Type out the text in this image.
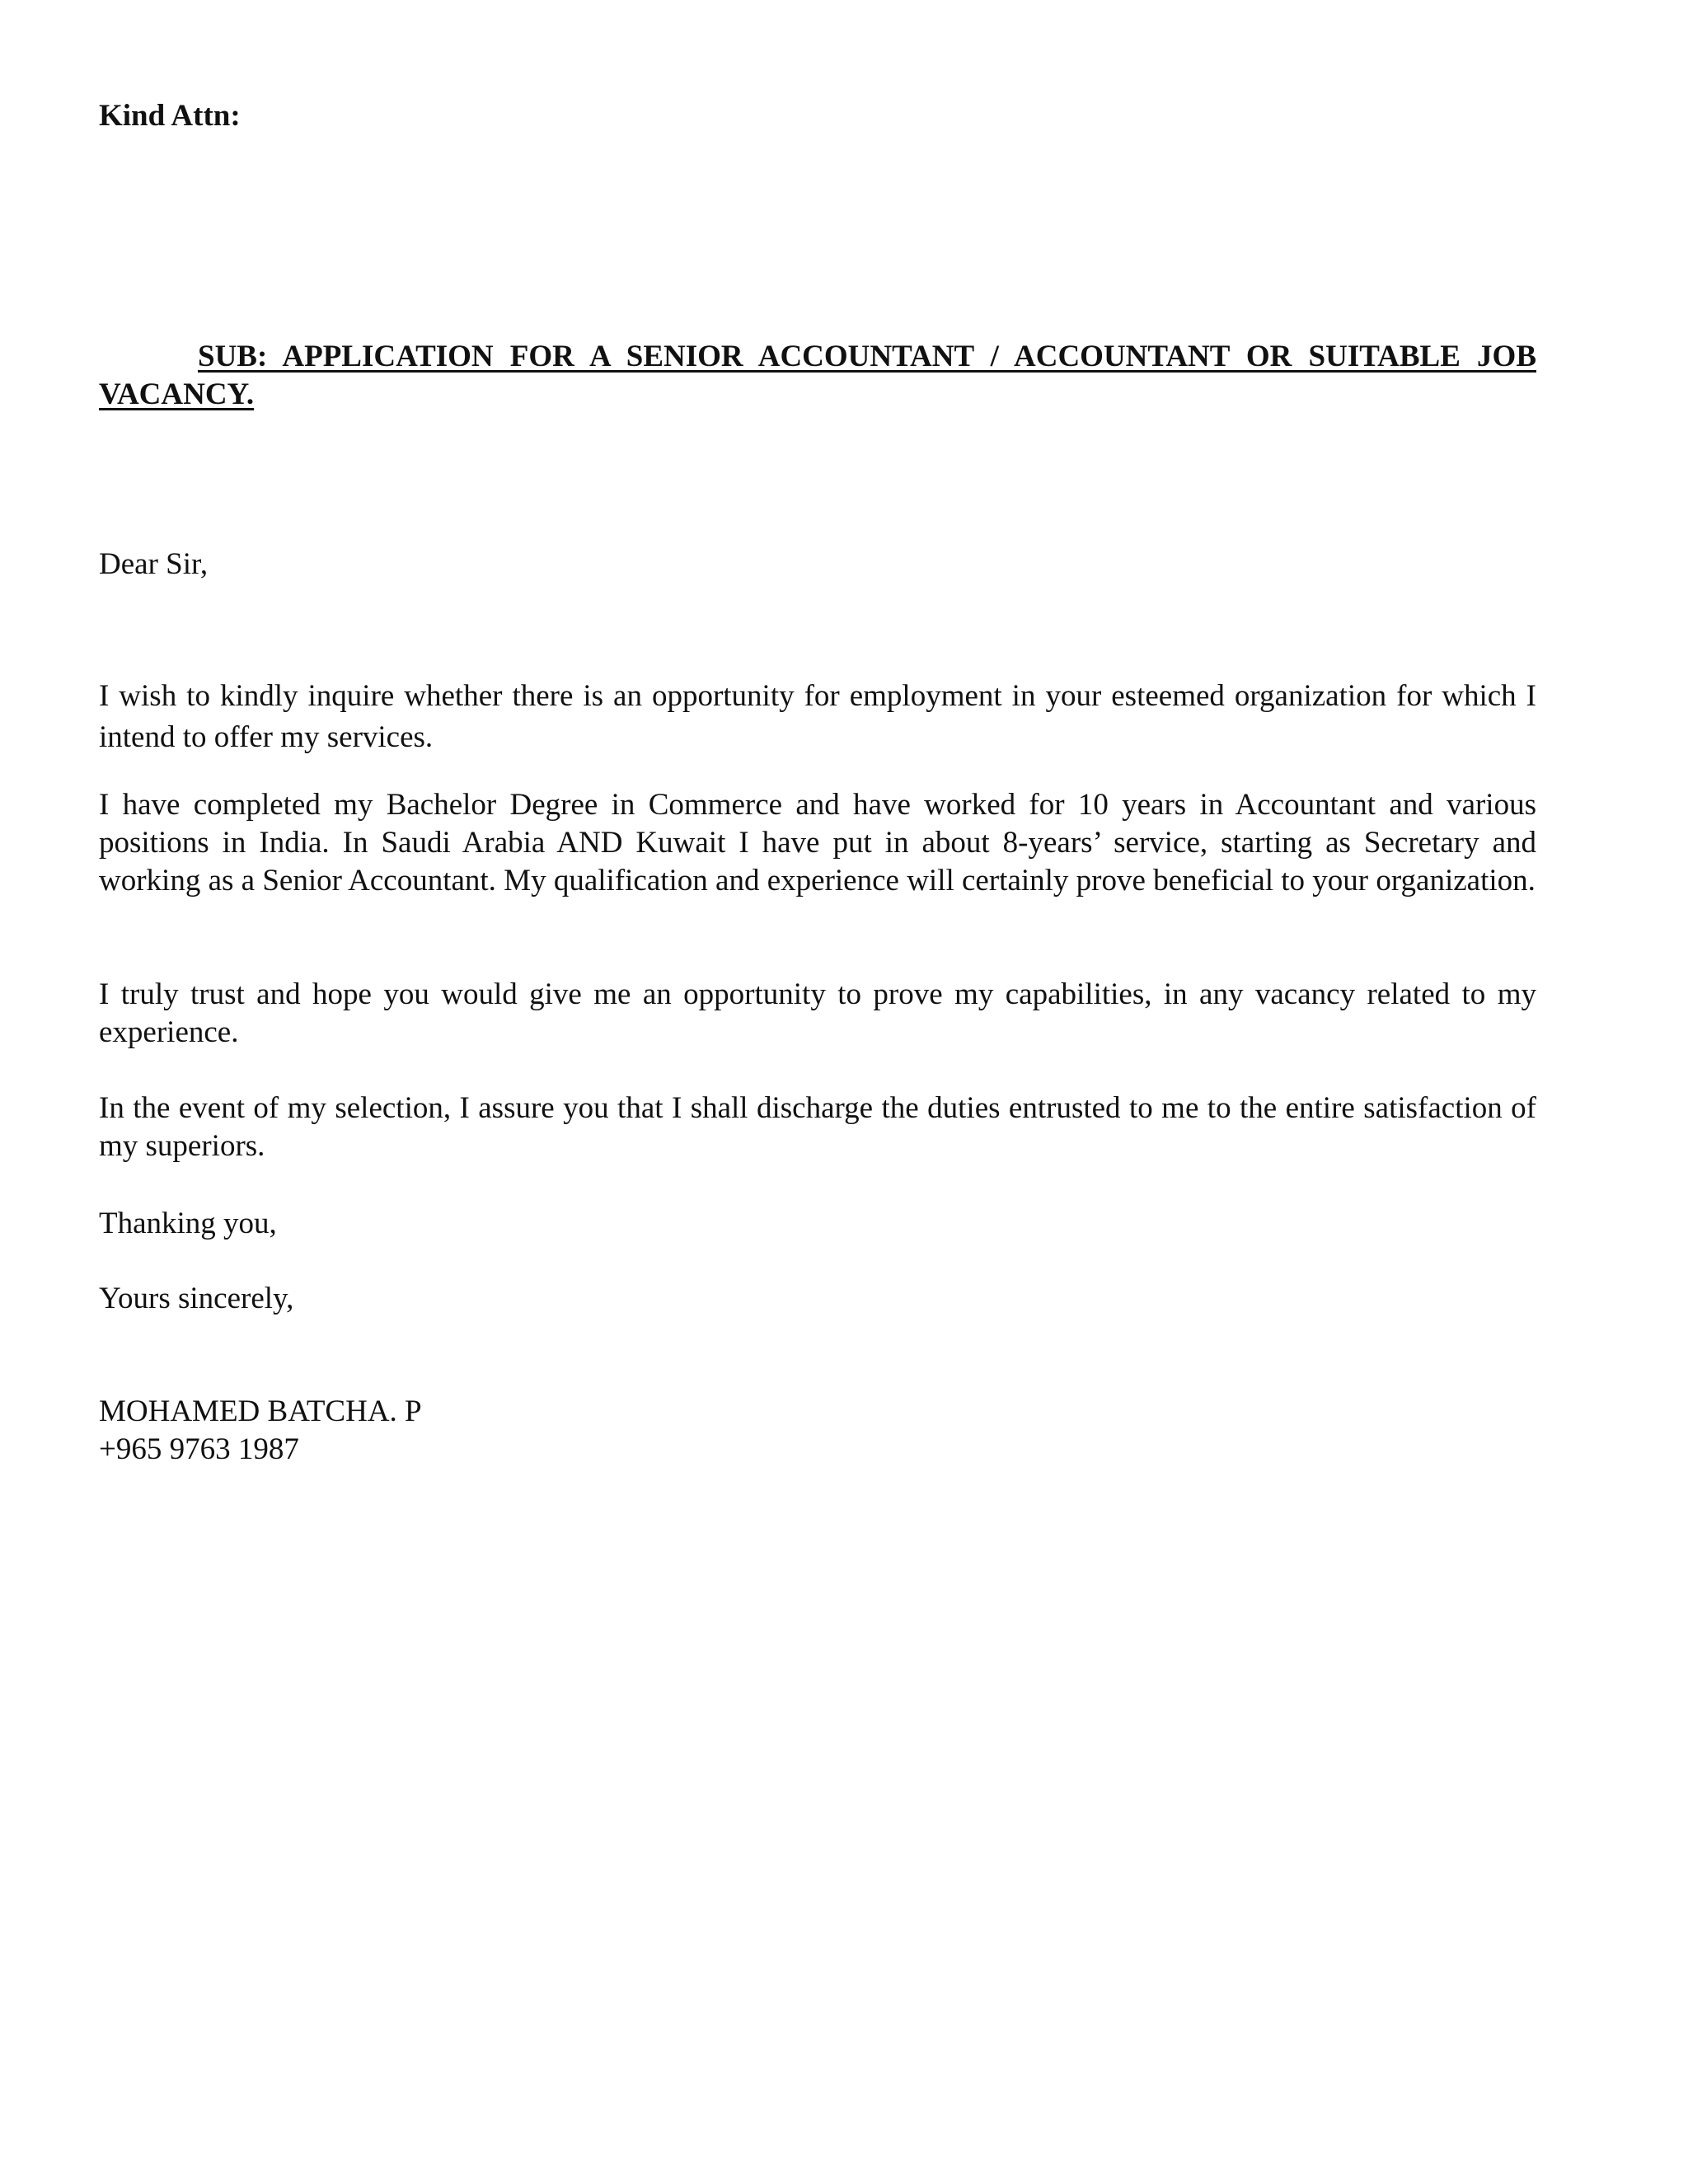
Kind Attn:

SUB: APPLICATION FOR A SENIOR ACCOUNTANT / ACCOUNTANT OR SUITABLE JOB VACANCY.

Dear Sir,

I wish to kindly inquire whether there is an opportunity for employment in your esteemed organization for which I intend to offer my services.

I have completed my Bachelor Degree in Commerce and have worked for 10 years in Accountant and various positions in India. In Saudi Arabia AND Kuwait I have put in about 8-years’ service, starting as Secretary and working as a Senior Accountant. My qualification and experience will certainly prove beneficial to your organization.

I truly trust and hope you would give me an opportunity to prove my capabilities, in any vacancy related to my experience.

In the event of my selection, I assure you that I shall discharge the duties entrusted to me to the entire satisfaction of my superiors.

Thanking you,

Yours sincerely,

MOHAMED BATCHA. P

+965 9763 1987
